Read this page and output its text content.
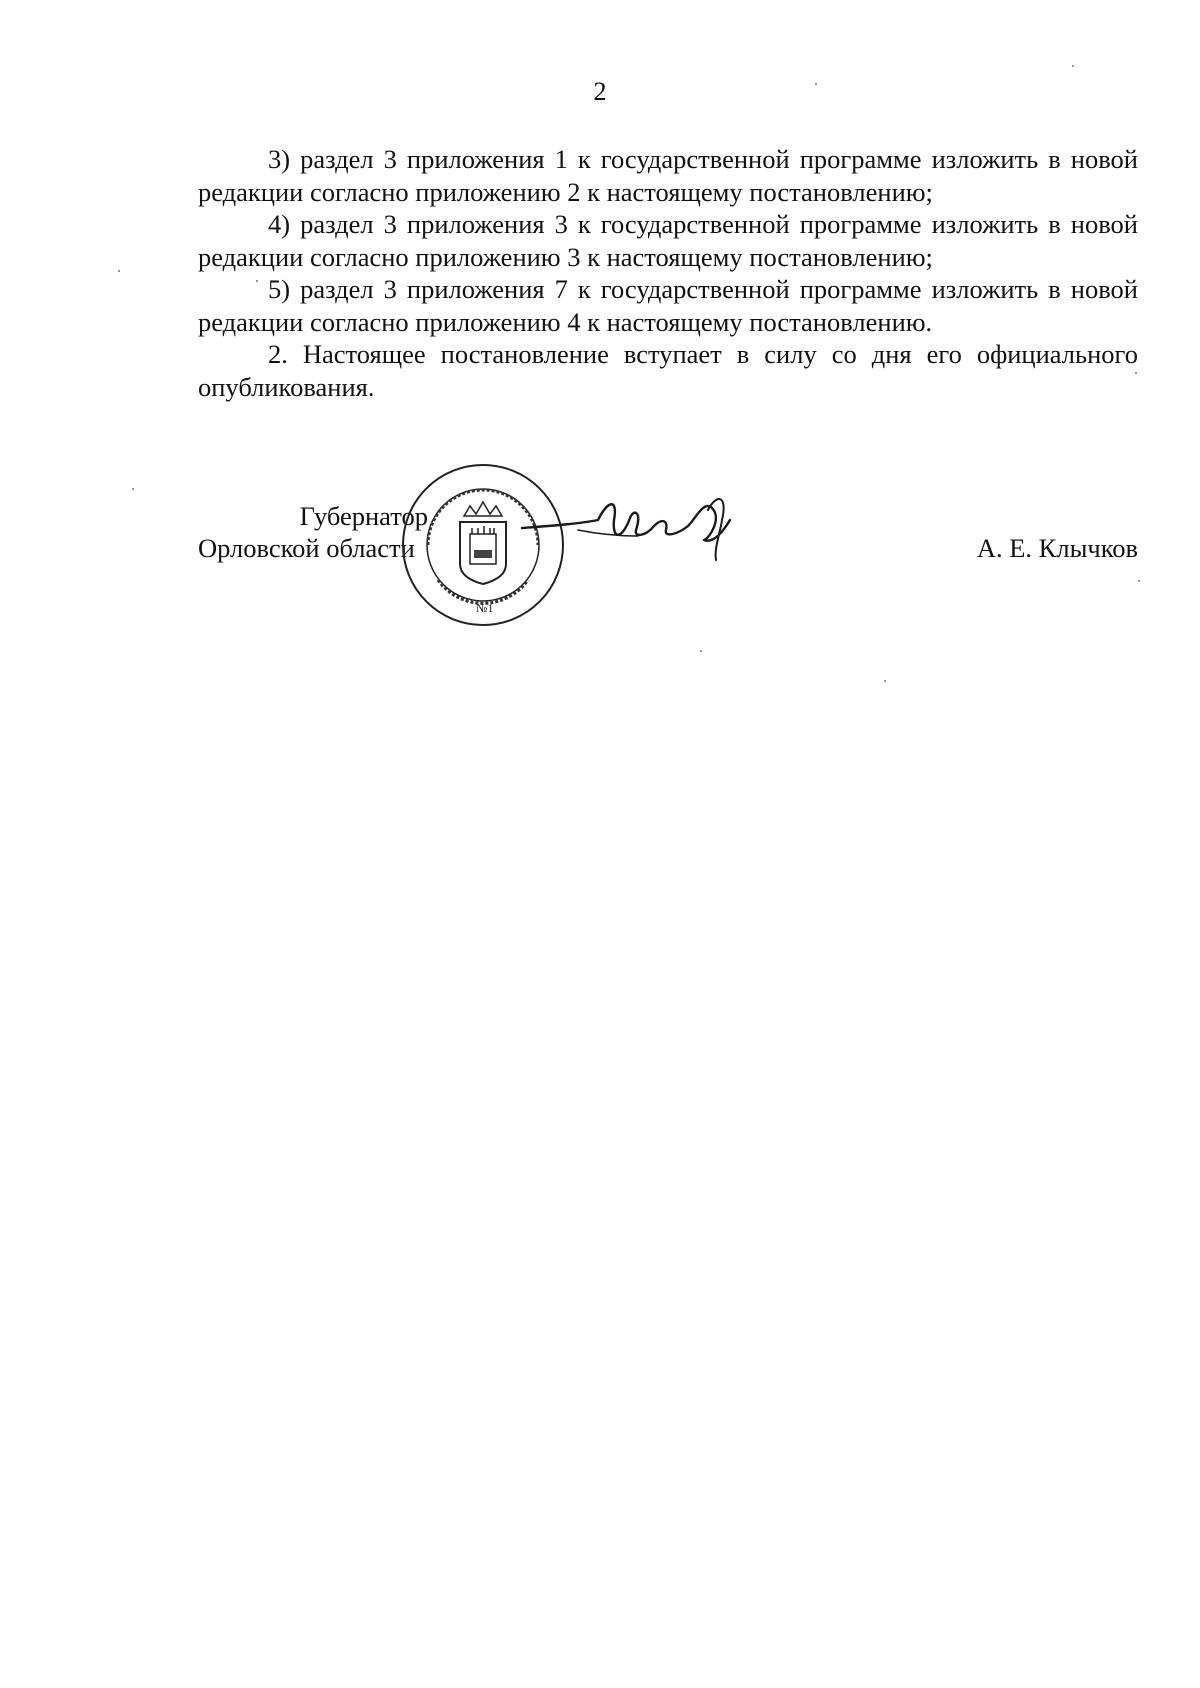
2

3) раздел 3 приложения 1 к государственной программе изложить в новой редакции согласно приложению 2 к настоящему постановлению;

4) раздел 3 приложения 3 к государственной программе изложить в новой редакции согласно приложению 3 к настоящему постановлению;

5) раздел 3 приложения 7 к государственной программе изложить в новой редакции согласно приложению 4 к настоящему постановлению.

2. Настоящее постановление вступает в силу со дня его официального опубликования.

Губернатор
Орловской области
№1
А. Е. Клычков
